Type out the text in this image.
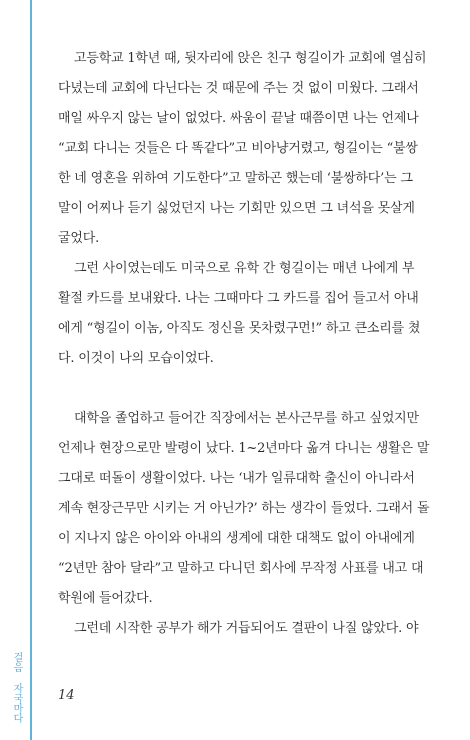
고등학교 1학년 때, 뒷자리에 앉은 친구 형길이가 교회에 열심히

다녔는데 교회에 다닌다는 것 때문에 주는 것 없이 미웠다. 그래서

매일 싸우지 않는 날이 없었다. 싸움이 끝날 때쯤이면 나는 언제나

“교회 다니는 것들은 다 똑같다”고 비아냥거렸고, 형길이는 “불쌍

한 네 영혼을 위하여 기도한다”고 말하곤 했는데 ‘불쌍하다’는 그

말이 어찌나 듣기 싫었던지 나는 기회만 있으면 그 녀석을 못살게

굴었다.

그런 사이였는데도 미국으로 유학 간 형길이는 매년 나에게 부

활절 카드를 보내왔다. 나는 그때마다 그 카드를 집어 들고서 아내

에게 “형길이 이놈, 아직도 정신을 못차렸구먼!” 하고 큰소리를 쳤

다. 이것이 나의 모습이었다.

대학을 졸업하고 들어간 직장에서는 본사근무를 하고 싶었지만

언제나 현장으로만 발령이 났다. 1~2년마다 옮겨 다니는 생활은 말

그대로 떠돌이 생활이었다. 나는 ‘내가 일류대학 출신이 아니라서

계속 현장근무만 시키는 거 아닌가?’ 하는 생각이 들었다. 그래서 돌

이 지나지 않은 아이와 아내의 생계에 대한 대책도 없이 아내에게

“2년만 참아 달라”고 말하고 다니던 회사에 무작정 사표를 내고 대

학원에 들어갔다.

그런데 시작한 공부가 해가 거듭되어도 결판이 나질 않았다. 야

걸음 자국마다	14
